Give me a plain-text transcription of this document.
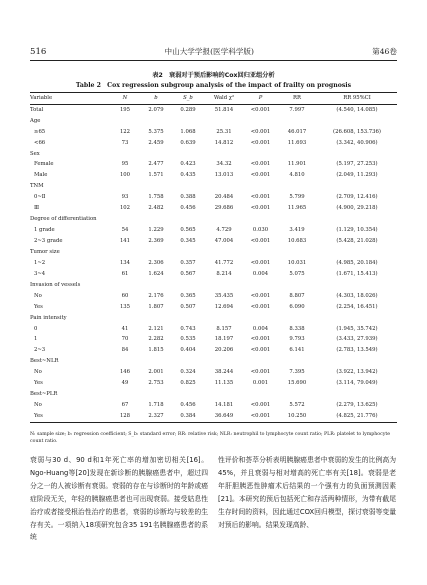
516	中山大学学报(医学科学版)	第46卷
表2　衰弱对于预后影响的Cox回归亚组分析
Table 2　Cox regression subgroup analysis of the impact of frailty on prognosis
Variable	N	b	S_b	Wald χ²	P	RR	RR 95%CI
Total	195	2.079	0.289	51.814	<0.001	7.997	(4.540, 14.085)
Age							
≥65	122	5.375	1.068	25.31	<0.001	46.017	(26.608, 153.736)
<66	73	2.459	0.639	14.812	<0.001	11.693	(3.342, 40.906)
Sex							
Female	95	2.477	0.423	34.32	<0.001	11.901	(5.197, 27.253)
Male	100	1.571	0.435	13.013	<0.001	4.810	(2.049, 11.293)
TNM							
0~Ⅱ	93	1.758	0.388	20.484	<0.001	5.799	(2.709, 12.416)
Ⅲ	102	2.482	0.456	29.686	<0.001	11.965	(4.900, 29.218)
Degree of differentiation							
1 grade	54	1.229	0.565	4.729	0.030	3.419	(1.129, 10.354)
2~3 grade	141	2.369	0.345	47.004	<0.001	10.683	(5.428, 21.028)
Tumor size							
1~2	134	2.306	0.357	41.772	<0.001	10.031	(4.985, 20.184)
3~4	61	1.624	0.567	8.214	0.004	5.075	(1.671, 15.413)
Invasion of vessels							
No	60	2.176	0.365	35.435	<0.001	8.807	(4.303, 18.026)
Yes	135	1.807	0.507	12.694	<0.001	6.090	(2.254, 16.451)
Pain intensity							
0	41	2.121	0.743	8.157	0.004	8.338	(1.945, 35.742)
1	70	2.282	0.535	18.197	<0.001	9.793	(3.433, 27.939)
2~3	84	1.815	0.404	20.206	<0.001	6.141	(2.783, 13.549)
Best~NLR							
No	146	2.001	0.324	38.244	<0.001	7.395	(3.922, 13.942)
Yes	49	2.753	0.825	11.135	0.001	15.690	(3.114, 79.049)
Best~PLR							
No	67	1.718	0.456	14.181	<0.001	5.572	(2.279, 13.625)
Yes	128	2.327	0.384	36.649	<0.001	10.250	(4.825, 21.776)
N: sample size; b: regression coefficient; S_b: standard error; RR: relative risk; NLR: neutrophil to lymphocyte count ratio; PLR: platelet to lymphocyte count ratio.

衰弱与30 d、90 d和1年死亡率的增加密切相关[16]。Ngo-Huang等[20]发现在新诊断的胰腺癌患者中，超过四分之一的人被诊断有衰弱。衰弱的存在与诊断时的年龄或癌症阶段无关，年轻的胰腺癌患者也可出现衰弱。接受姑息性治疗或者接受根治性治疗的患者，衰弱的诊断均与较差的生存有关。一项纳入18项研究包含35 191名胰腺癌患者的系统

性评价和荟萃分析表明胰腺癌患者中衰弱的发生的比例高为45%，并且衰弱与相对增高的死亡率有关[18]。衰弱是老年肝胆胰恶性肿瘤术后结果的一个强有力的负面预测因素[21]。本研究的预后包括死亡和存活两种情形，为带有截尾生存时间的资料，因此通过COX回归模型，探讨衰弱等变量对预后的影响。结果发现高龄、
